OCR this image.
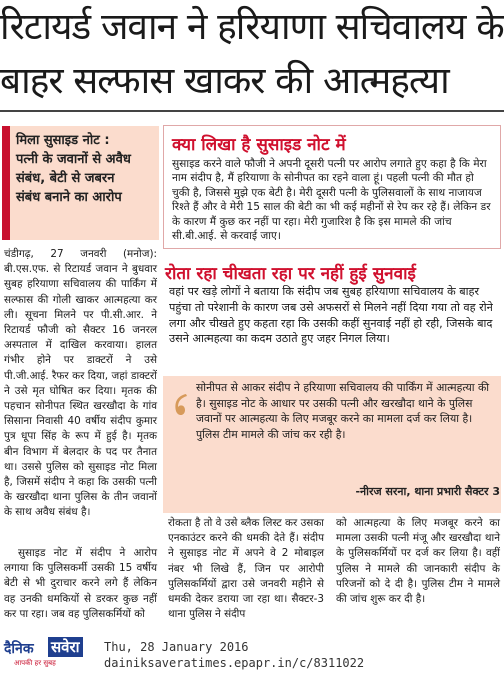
रिटायर्ड जवान ने हरियाणा सचिवालय के
बाहर सल्फास खाकर की आत्महत्या

मिला सुसाइड नोट :

पत्नी के जवानों से अवैध

संबंध, बेटी से जबरन

संबंध बनाने का आरोप

चंडीगढ़, 27 जनवरी (मनोज): बी.एस.एफ. से रिटायर्ड जवान ने बुधवार सुबह हरियाणा सचिवालय की पार्किंग में सल्फास की गोली खाकर आत्महत्या कर ली। सूचना मिलने पर पी.सी.आर. ने रिटायर्ड फौजी को सैक्टर 16 जनरल अस्पताल में दाखिल करवाया। हालत गंभीर होने पर डाक्टरों ने उसे पी.जी.आई. रैफर कर दिया, जहां डाक्टरों ने उसे मृत घोषित कर दिया। मृतक की पहचान सोनीपत स्थित खरखौदा के गांव सिसाना निवासी 40 वर्षीय संदीप कुमार पुत्र धूपा सिंह के रूप में हुई है। मृतक बीन विभाग में बेलदार के पद पर तैनात था। उससे पुलिस को सुसाइड नोट मिला है, जिसमें संदीप ने कहा कि उसकी पत्नी के खरखौदा थाना पुलिस के तीन जवानों के साथ अवैध संबंध है।

सुसाइड नोट में संदीप ने आरोप लगाया कि पुलिसकर्मी उसकी 15 वर्षीय बेटी से भी दुराचार करने लगे हैं लेकिन वह उनकी धमकियों से डरकर कुछ नहीं कर पा रहा। जब वह पुलिसकर्मियों को

क्या लिखा है सुसाइड नोट में
सुसाइड करने वाले फौजी ने अपनी दूसरी पत्नी पर आरोप लगाते हुए कहा है कि मेरा नाम संदीप है, मैं हरियाणा के सोनीपत का रहने वाला हूं। पहली पत्नी की मौत हो चुकी है, जिससे मुझे एक बेटी है। मेरी दूसरी पत्नी के पुलिसवालों के साथ नाजायज रिश्ते हैं और वे मेरी 15 साल की बेटी का भी कई महीनों से रेप कर रहे हैं। लेकिन डर के कारण मैं कुछ कर नहीं पा रहा। मेरी गुजारिश है कि इस मामले की जांच सी.बी.आई. से करवाई जाए।
रोता रहा चीखता रहा पर नहीं हुई सुनवाई
वहां पर खड़े लोगों ने बताया कि संदीप जब सुबह हरियाणा सचिवालय के बाहर पहुंचा तो परेशानी के कारण जब उसे अफसरों से मिलने नहीं दिया गया तो वह रोने लगा और चीखते हुए कहता रहा कि उसकी कहीं सुनवाई नहीं हो रही, जिसके बाद उसने आत्महत्या का कदम उठाते हुए जहर निगल लिया।
सोनीपत से आकर संदीप ने हरियाणा सचिवालय की पार्किंग में आत्महत्या की है। सुसाइड नोट के आधार पर उसकी पत्नी और खरखौदा थाने के पुलिस जवानों पर आत्महत्या के लिए मजबूर करने का मामला दर्ज कर लिया है। पुलिस टीम मामले की जांच कर रही है।
-नीरज सरना, थाना प्रभारी सैक्टर 3
रोकता है तो वे उसे ब्लैक लिस्ट कर उसका एनकाउंटर करने की धमकी देते हैं। संदीप ने सुसाइड नोट में अपने वे 2 मोबाइल नंबर भी लिखे हैं, जिन पर आरोपी पुलिसकर्मियों द्वारा उसे जनवरी महीने से धमकी देकर डराया जा रहा था। सैक्टर-3 थाना पुलिस ने संदीप
को आत्महत्या के लिए मजबूर करने का मामला उसकी पत्नी मंजू और खरखौदा थाने के पुलिसकर्मियों पर दर्ज कर लिया है। वहीं पुलिस ने मामले की जानकारी संदीप के परिजनों को दे दी है। पुलिस टीम ने मामले की जांच शुरू कर दी है।
दैनिक सवेरा
आपकी हर सुबह
Thu, 28 January 2016
dainiksaveratimes.epapr.in/c/8311022
